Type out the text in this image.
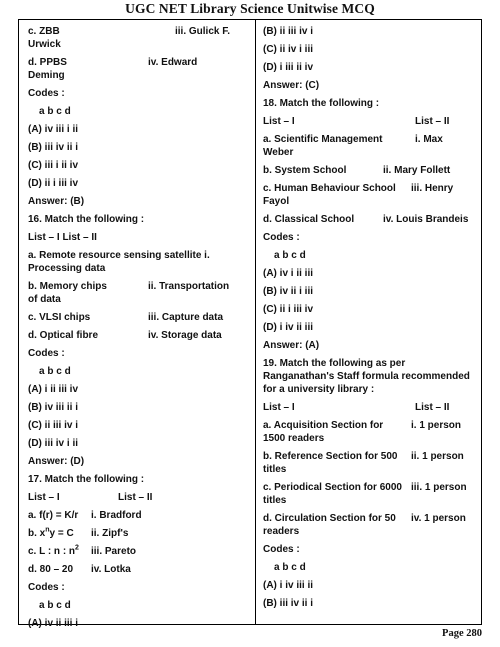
UGC NET Library Science Unitwise MCQ
c. ZBB	iii. Gulick F.
Urwick
d. PPBS	iv. Edward
Deming
Codes :
a b c d
(A) iv iii i ii
(B) iii iv ii i
(C) iii i ii iv
(D) ii i iii iv
Answer: (B)
16. Match the following :
List – I List – II
a. Remote resource sensing satellite i.
Processing data
b. Memory chips	ii. Transportation
of data
c. VLSI chips	iii. Capture data
d. Optical fibre	iv. Storage data
Codes :
a b c d
(A) i ii iii iv
(B) iv iii ii i
(C) ii iii iv i
(D) iii iv i ii
Answer: (D)
17. Match the following :
List – I	List – II
a. f(r) = K/r i. Bradford
b. $x^ny = C$ ii. Zipf's
c. L : n : $n^2$ iii. Pareto
d. 80 – 20 iv. Lotka
Codes :
a b c d
(A) iv ii iii i
(B) ii iii iv i
(C) ii iv i iii
(D) i iii ii iv
Answer: (C)
18. Match the following :
List – I	List – II
a. Scientific Management	i. Max
Weber
b. System School	ii. Mary Follett
c. Human Behaviour School iii. Henry
Fayol
d. Classical School	iv. Louis Brandeis
Codes :
a b c d
(A) iv i ii iii
(B) iv ii i iii
(C) ii i iii iv
(D) i iv ii iii
Answer: (A)
19. Match the following as per Ranganathan's Staff formula recommended for a university library :
List – I	List – II
a. Acquisition Section for 1500 readers
i. 1 person
b. Reference Section for 500 titles
ii. 1 person
c. Periodical Section for 6000 titles
iii. 1 person
d. Circulation Section for 50 readers
iv. 1 person
Codes :
a b c d
(A) i iv iii ii
(B) iii iv ii i
Page 280
